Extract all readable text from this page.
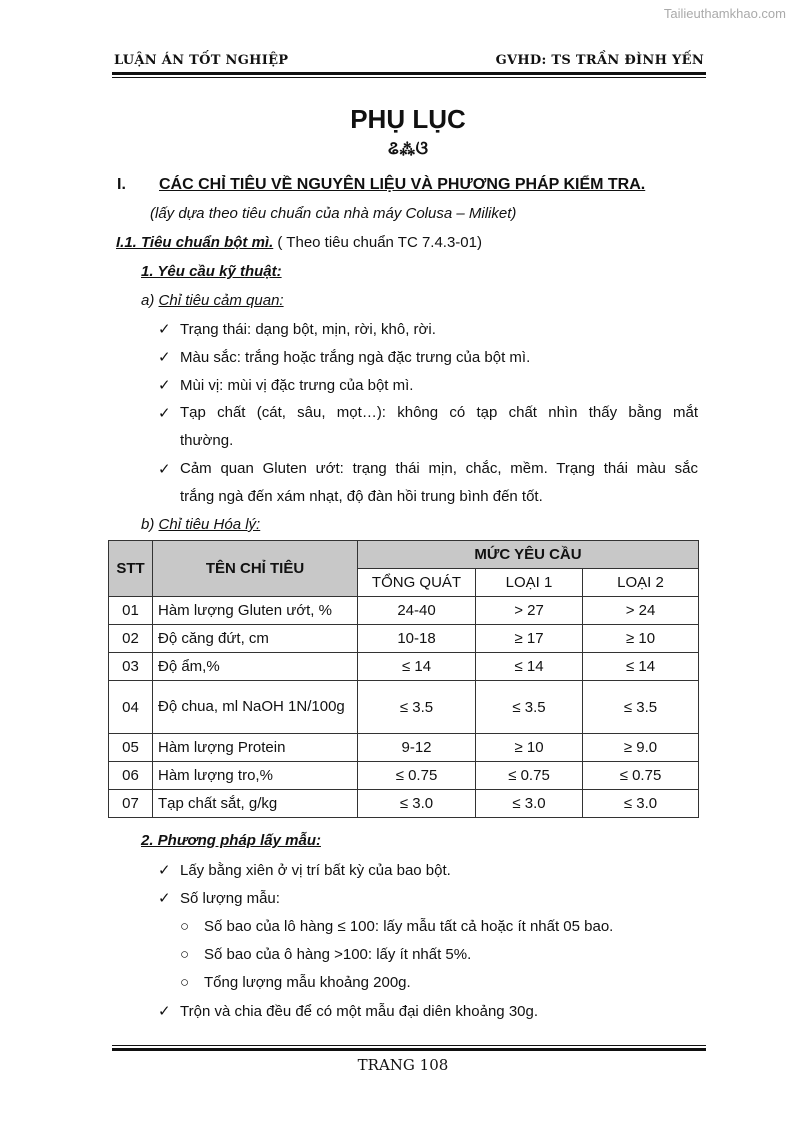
Tailieuthamkhao.com
LUẬN ÁN TỐT NGHIỆP	GVHD: TS TRẦN ĐÌNH YẾN
PHỤ LỤC
ଌ⁂ଓ
I. CÁC CHỈ TIÊU VỀ NGUYÊN LIỆU VÀ PHƯƠNG PHÁP KIỂM TRA.
(lấy dựa theo tiêu chuẩn của nhà máy Colusa – Miliket)
I.1. Tiêu chuẩn bột mì. ( Theo tiêu chuẩn TC 7.4.3-01)
1. Yêu cầu kỹ thuật:
a) Chỉ tiêu cảm quan:
✓ Trạng thái: dạng bột, mịn, rời, khô, rời.
✓ Màu sắc: trắng hoặc trắng ngà đặc trưng của bột mì.
✓ Mùi vị: mùi vị đặc trưng của bột mì.
✓ Tạp chất (cát, sâu, mọt…): không có tạp chất nhìn thấy bằng mắt
thường.
✓ Cảm quan Gluten ướt: trạng thái mịn, chắc, mềm. Trạng thái màu sắc
trắng ngà đến xám nhạt, độ đàn hồi trung bình đến tốt.
b) Chỉ tiêu Hóa lý:
STT	TÊN CHỈ TIÊU	MỨC YÊU CẦU		
		TỔNG QUÁT	LOẠI 1	LOẠI 2
01	Hàm lượng Gluten ướt, %	24-40	> 27	> 24
02	Độ căng đứt, cm	10-18	≥ 17	≥ 10
03	Độ ẩm,%	≤ 14	≤ 14	≤ 14
04	Độ chua, ml NaOH 1N/100g	≤ 3.5	≤ 3.5	≤ 3.5
05	Hàm lượng Protein	9-12	≥ 10	≥ 9.0
06	Hàm lượng tro,%	≤ 0.75	≤ 0.75	≤ 0.75
07	Tạp chất sắt, g/kg	≤ 3.0	≤ 3.0	≤ 3.0
2. Phương pháp lấy mẫu:
✓ Lấy bằng xiên ở vị trí bất kỳ của bao bột.
✓ Số lượng mẫu:
○ Số bao của lô hàng ≤ 100: lấy mẫu tất cả hoặc ít nhất 05 bao.
○ Số bao của ô hàng >100: lấy ít nhất 5%.
○ Tổng lượng mẫu khoảng 200g.
✓ Trộn và chia đều để có một mẫu đại diên khoảng 30g.
TRANG 108
